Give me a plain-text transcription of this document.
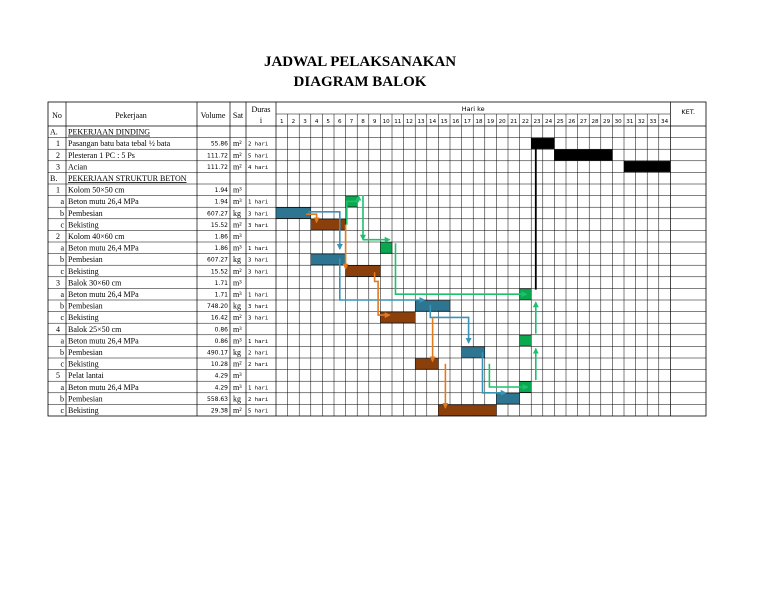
JADWAL PELAKSANAKAN
DIAGRAM BALOK
No	Pekerjaan	Volume Sat
Duras
i
Hari ke	KET.
1 2 3 4 5 6 7 8 9 10 11 12 13 14 15 16 17 18 19 20 21 22 23 24 25 26 27 28 29 30 31 32 33 34
A. PEKERJAAN DINDING
1 Pasangan batu bata tebal ½ bata	55.86 m² 2 hari
2 Plesteran 1 PC : 5 Ps	111.72 m² 5 hari
3 Acian	111.72 m² 4 hari
B. PEKERJAAN STRUKTUR BETON
1 Kolom 50×50 cm	1.94 m³
a Beton mutu 26,4 MPa	1.94 m³ 1 hari
b Pembesian	607.27 kg 3 hari
c Bekisting	15.52 m² 3 hari
2 Kolom 40×60 cm	1.86 m³
a Beton mutu 26,4 MPa	1.86 m³ 1 hari
b Pembesian	607.27 kg 3 hari
c Bekisting	15.52 m² 3 hari
3 Balok 30×60 cm	1.71 m³
a Beton mutu 26,4 MPa	1.71 m³ 1 hari
b Pembesian	748.20 kg 3 hari
c Bekisting	16.42 m² 3 hari
4 Balok 25×50 cm	0.86 m³
a Beton mutu 26,4 MPa	0.86 m³ 1 hari
b Pembesian	490.17 kg 2 hari
c Bekisting	10.28 m² 2 hari
5 Pelat lantai	4.29 m³
a Beton mutu 26,4 MPa	4.29 m³ 1 hari
b Pembesian	558.63 kg 2 hari
c Bekisting	29.38 m² 5 hari
